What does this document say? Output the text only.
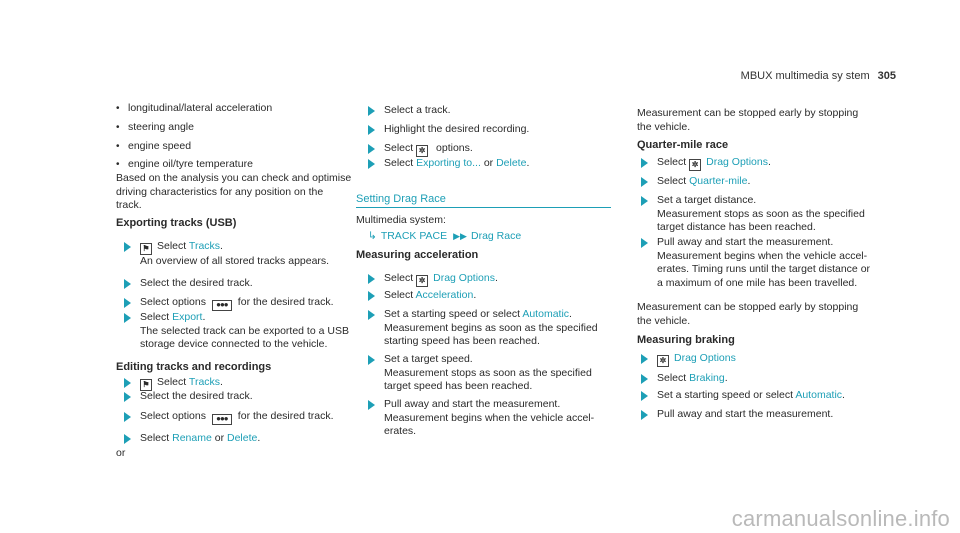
MBUX multimedia sy stem 305
• longitudinal/lateral acceleration
• steering angle
• engine speed
• engine oil/tyre temperature
Based on the analysis you can check and optimise
driving characteristics for any position on the
track.
Exporting tracks (USB)
⚑ Select Tracks.
An overview of all stored tracks appears.
Select the desired track.
Select options ●●● for the desired track.
Select Export.
The selected track can be exported to a USB
storage device connected to the vehicle.
Editing tracks and recordings
⚑ Select Tracks.
Select the desired track.
Select options ●●● for the desired track.
Select Rename or Delete.
or
Select a track.
Highlight the desired recording.
Select ✲ options.
Select Exporting to... or Delete.
Setting Drag Race
Multimedia system:
↳ TRACK PACE ▶▶ Drag Race
Measuring acceleration
Select ✲ Drag Options.
Select Acceleration.
Set a starting speed or select Automatic.
Measurement begins as soon as the specified
starting speed has been reached.
Set a target speed.
Measurement stops as soon as the specified
target speed has been reached.
Pull away and start the measurement.
Measurement begins when the vehicle accel-
erates.
Measurement can be stopped early by stopping
the vehicle.
Quarter-mile race
Select ✲ Drag Options.
Select Quarter-mile.
Set a target distance.
Measurement stops as soon as the specified
target distance has been reached.
Pull away and start the measurement.
Measurement begins when the vehicle accel-
erates. Timing runs until the target distance or
a maximum of one mile has been travelled.
Measurement can be stopped early by stopping
the vehicle.
Measuring braking
✲ Drag Options
Select Braking.
Set a starting speed or select Automatic.
Pull away and start the measurement.
carmanualsonline.info
